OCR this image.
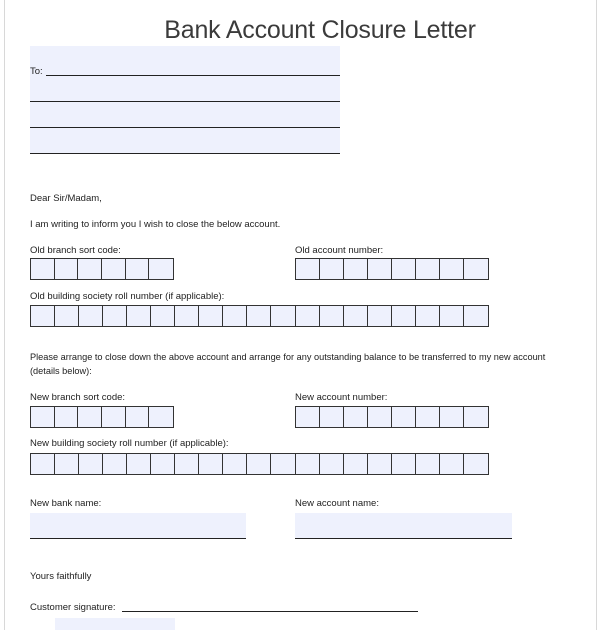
Bank Account Closure Letter
To:
Dear Sir/Madam,
I am writing to inform you I wish to close the below account.
Old branch sort code:	Old account number:
Old building society roll number (if applicable):
Please arrange to close down the above account and arrange for any outstanding balance to be transferred to my new account
(details below):
New branch sort code:	New account number:
New building society roll number (if applicable):
New bank name:	New account name:
Yours faithfully
Customer signature:
